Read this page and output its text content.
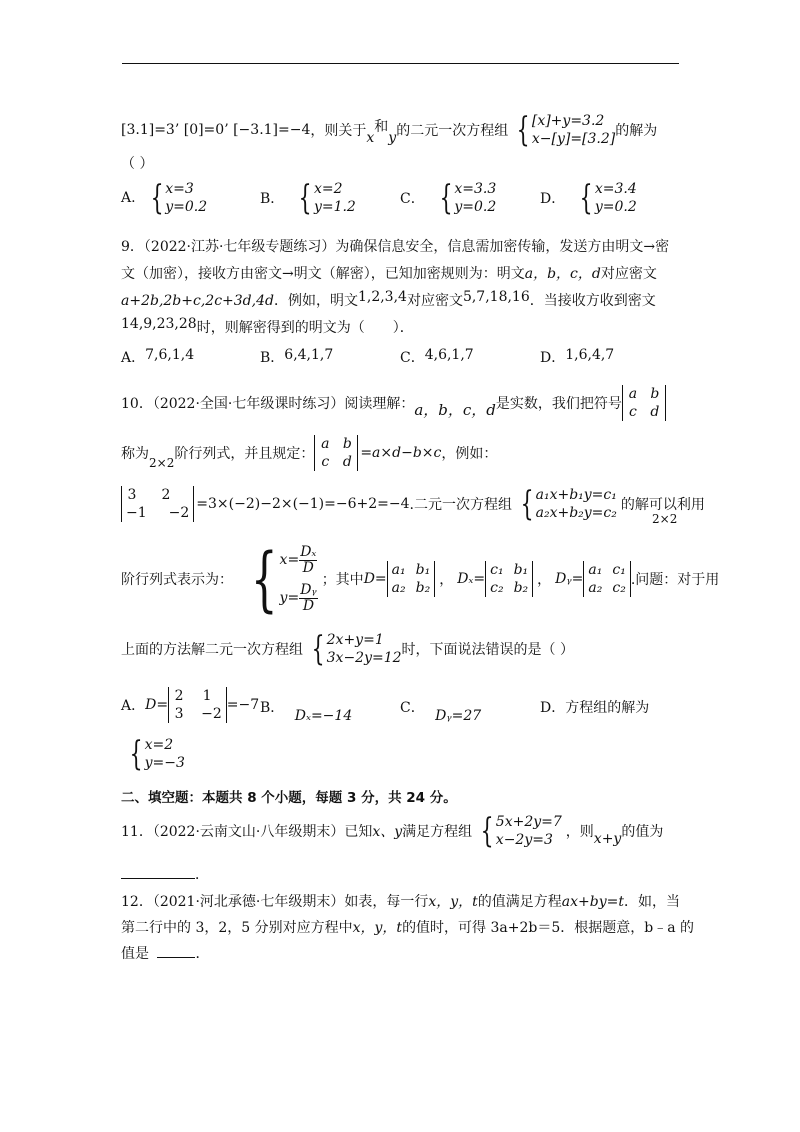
[3.1]=3’ [0]=0’ [−3.1]=−4 ，则关于 x
和
y 的二元一次方程组 { [x]+y=3.2
x−[y]=[3.2] 的解为
（ ）
A. { x=3
y=0.2	B． { x=2
y=1.2	C． { x=3.3
y=0.2	D． { x=3.4
y=0.2
9．（2022·江苏·七年级专题练习）为确保信息安全，信息需加密传输，发送方由明文→密
文（加密），接收方由密文→明文（解密），已知加密规则为：明文a，b，c，d对应密文
a+2b,2b+c,2c+3d,4d．例如，明文1,2,3,4对应密文5,7,18,16．当接收方收到密文
14,9,23,28时，则解密得到的明文为（　　）．
A．7,6,1,4	B．6,4,1,7	C．4,6,1,7	D．1,6,4,7
10．（2022·全国·七年级课时练习）阅读理解： a，b，c，d 是实数，我们把符号
a b
c d
称为
2×2
阶行列式，并且规定：
a b
c d
=a×d−b×c ，例如：
3 2
−1 −2
=3×(−2)−2×(−1)=−6+2=−4 .二元一次方程组 { a₁x+b₁y=c₁
a₂x+b₂y=c₂ 的解可以利用
2×2
阶行列式表示为： { $x= \frac{\text{Dₓ}}{D}$
$y= \frac{\text{Dᵧ}}{D}$
；其中 D=
a₁ b₁
a₂ b₂ ， Dₓ=
c₁ b₁
c₂ b₂ ， Dᵧ=
a₁ c₁
a₂ c₂ .问题：对于用
上面的方法解二元一次方程组 { 2x+y=1
3x−2y=12 时，下面说法错误的是（ ）
A． D=
2 1
3 −2
=−7 B． Dₓ=−14	C． Dᵧ=27	D．方程组的解为
{ x=2
y=−3
二、填空题：本题共 8 个小题，每题 3 分，共 24 分。
11．（2022·云南文山·八年级期末）已知 x、y 满足方程组 { 5x+2y=7
x−2y=3 ，则 x+y 的值为
．
12．（2021·河北承德·七年级期末）如表，每一行x，y，t的值满足方程ax+by=t．如，当
第二行中的 3，2，5 分别对应方程中x，y，t的值时，可得 3a+2b＝5．根据题意，b﹣a 的
值是	．
